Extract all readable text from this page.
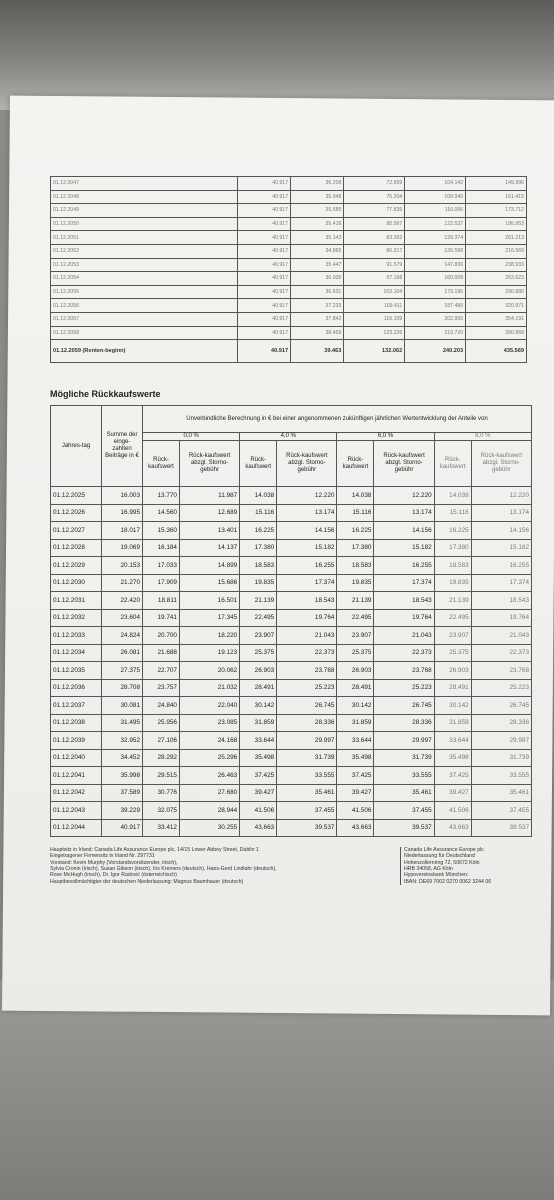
01.12.2047	40.917	36.208	72.659	104.142	149.996
01.12.2048	40.917	35.948	75.204	109.940	161.415
01.12.2049	40.917	35.685	77.839	116.066	173.712
01.12.2050	40.917	35.416	80.567	122.537	186.953
01.12.2051	40.917	35.143	83.392	129.374	201.213
01.12.2052	40.917	34.865	86.317	136.598	216.569
01.12.2053	40.917	35.447	91.579	147.836	238.933
01.12.2054	40.917	36.035	97.168	160.009	263.623
01.12.2055	40.917	36.631	103.104	173.196	290.880
01.12.2056	40.917	37.233	109.411	187.480	320.971
01.12.2057	40.917	37.842	116.109	202.956	354.191
01.12.2058	40.917	38.459	123.226	219.720	390.868
01.12.2059 (Renten-beginn)	40.917	39.463	132.062	240.203	435.569
Mögliche Rückkaufswerte
Jahres-tag	Summe der einge-zahlten Beiträge in €	Unverbindliche Berechnung in € bei einer angenommenen zukünftigen jährlichen Wertentwicklung der Anteile von							
		0,0 %		4,0 %		6,0 %		8,0 %	
		Rück-kaufswert	Rück-kaufswert abzgl. Storno-gebühr	Rück-kaufswert	Rück-kaufswert abzgl. Storno-gebühr	Rück-kaufswert	Rück-kaufswert abzgl. Storno-gebühr	Rück-kaufswert	Rück-kaufswert abzgl. Storno-gebühr
01.12.2025	16.003	13.770	11.987	14.038	12.220	14.038	12.220	14.038	12.220
01.12.2026	16.995	14.560	12.689	15.116	13.174	15.116	13.174	15.116	13.174
01.12.2027	18.017	15.360	13.401	16.225	14.156	16.225	14.156	16.225	14.156
01.12.2028	19.069	16.184	14.137	17.380	15.182	17.380	15.182	17.380	15.182
01.12.2029	20.153	17.033	14.899	18.583	16.255	18.583	16.255	18.583	16.255
01.12.2030	21.270	17.909	15.686	19.835	17.374	19.835	17.374	19.835	17.374
01.12.2031	22.420	18.811	16.501	21.139	18.543	21.139	18.543	21.139	18.543
01.12.2032	23.604	19.741	17.345	22.495	19.764	22.495	19.764	22.495	19.764
01.12.2033	24.824	20.700	18.220	23.907	21.043	23.907	21.043	23.907	21.043
01.12.2034	26.081	21.688	19.123	25.375	22.373	25.375	22.373	25.375	22.373
01.12.2035	27.375	22.707	20.062	26.903	23.768	26.903	23.768	26.903	23.768
01.12.2036	28.708	23.757	21.032	28.491	25.223	28.491	25.223	28.491	25.223
01.12.2037	30.081	24.840	22.040	30.142	26.745	30.142	26.745	30.142	26.745
01.12.2038	31.495	25.956	23.085	31.859	28.336	31.859	28.336	31.859	28.336
01.12.2039	32.952	27.106	24.168	33.644	29.997	33.644	29.997	33.644	29.997
01.12.2040	34.452	28.292	25.296	35.498	31.739	35.498	31.739	35.498	31.739
01.12.2041	35.998	29.515	26.463	37.425	33.555	37.425	33.555	37.425	33.555
01.12.2042	37.589	30.776	27.680	39.427	35.461	39.427	35.461	39.427	35.461
01.12.2043	39.229	32.075	28.944	41.506	37.455	41.506	37.455	41.506	37.455
01.12.2044	40.917	33.412	30.255	43.663	39.537	43.663	39.537	43.663	39.537
Hauptsitz in Irland: Canada Life Assurance Europe plc, 14/15 Lower Abbey Street, Dublin 1
Eingetragener Firmensitz in Irland Nr. 297731
Vorstand: Kevin Murphy (Vorstandsvorsitzender, irisch),
Sylvia Cronin (irisch), Susan Gibson (irisch), Iris Kremers (deutsch), Hans-Gerd Lindlahr (deutsch),
Rose McHugh (irisch), Dr. Igor Radović (österreichisch)
Hauptbevollmächtigter der deutschen Niederlassung: Magnus Baumhauer (deutsch)
Canada Life Assurance Europe plc
Niederlassung für Deutschland
Hohenzollernring 72, 50672 Köln
HRB 34058, AG Köln
Hypovereinsbank München:
IBAN: DE69 7002 0270 0062 3244 06
